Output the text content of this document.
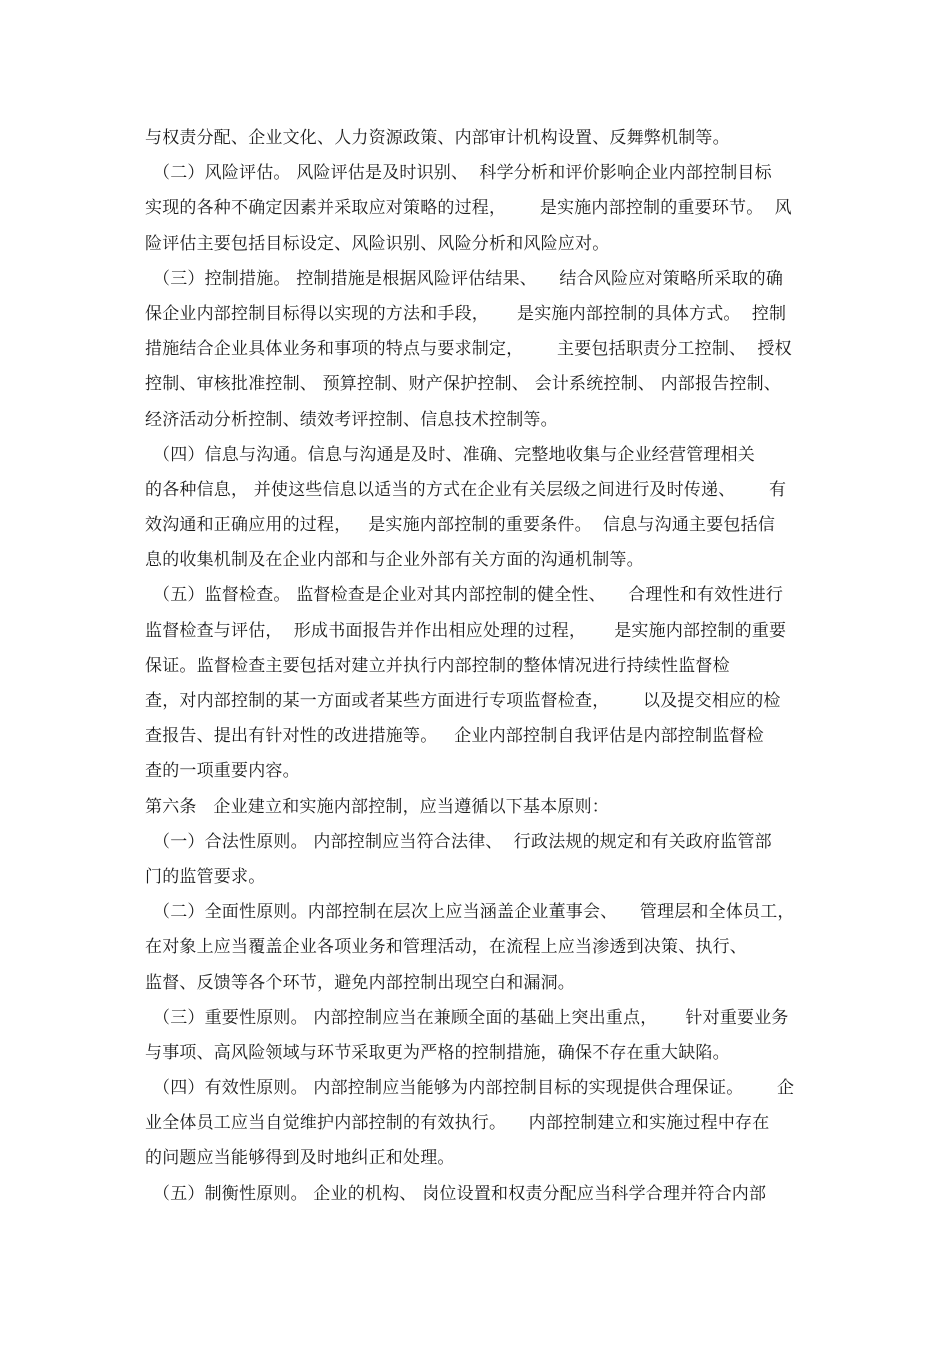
与权责分配、企业文化、人力资源政策、内部审计机构设置、反舞弊机制等。
（二）风险评估。 风险评估是及时识别、  科学分析和评价影响企业内部控制目标
实现的各种不确定因素并采取应对策略的过程，      是实施内部控制的重要环节。  风
险评估主要包括目标设定、风险识别、风险分析和风险应对。
（三）控制措施。 控制措施是根据风险评估结果、    结合风险应对策略所采取的确
保企业内部控制目标得以实现的方法和手段，     是实施内部控制的具体方式。  控制
措施结合企业具体业务和事项的特点与要求制定，      主要包括职责分工控制、  授权
控制、审核批准控制、 预算控制、财产保护控制、 会计系统控制、 内部报告控制、
经济活动分析控制、绩效考评控制、信息技术控制等。
（四）信息与沟通。信息与沟通是及时、准确、完整地收集与企业经营管理相关
的各种信息， 并使这些信息以适当的方式在企业有关层级之间进行及时传递、      有
效沟通和正确应用的过程，   是实施内部控制的重要条件。  信息与沟通主要包括信
息的收集机制及在企业内部和与企业外部有关方面的沟通机制等。
（五）监督检查。 监督检查是企业对其内部控制的健全性、    合理性和有效性进行
监督检查与评估，  形成书面报告并作出相应处理的过程，     是实施内部控制的重要
保证。监督检查主要包括对建立并执行内部控制的整体情况进行持续性监督检
查，对内部控制的某一方面或者某些方面进行专项监督检查，      以及提交相应的检
查报告、提出有针对性的改进措施等。   企业内部控制自我评估是内部控制监督检
查的一项重要内容。
第六条   企业建立和实施内部控制，应当遵循以下基本原则：
（一）合法性原则。 内部控制应当符合法律、  行政法规的规定和有关政府监管部
门的监管要求。
（二）全面性原则。内部控制在层次上应当涵盖企业董事会、    管理层和全体员工，
在对象上应当覆盖企业各项业务和管理活动，在流程上应当渗透到决策、执行、
监督、反馈等各个环节，避免内部控制出现空白和漏洞。
（三）重要性原则。 内部控制应当在兼顾全面的基础上突出重点，     针对重要业务
与事项、高风险领域与环节采取更为严格的控制措施，确保不存在重大缺陷。
（四）有效性原则。 内部控制应当能够为内部控制目标的实现提供合理保证。      企
业全体员工应当自觉维护内部控制的有效执行。    内部控制建立和实施过程中存在
的问题应当能够得到及时地纠正和处理。
（五）制衡性原则。 企业的机构、 岗位设置和权责分配应当科学合理并符合内部
